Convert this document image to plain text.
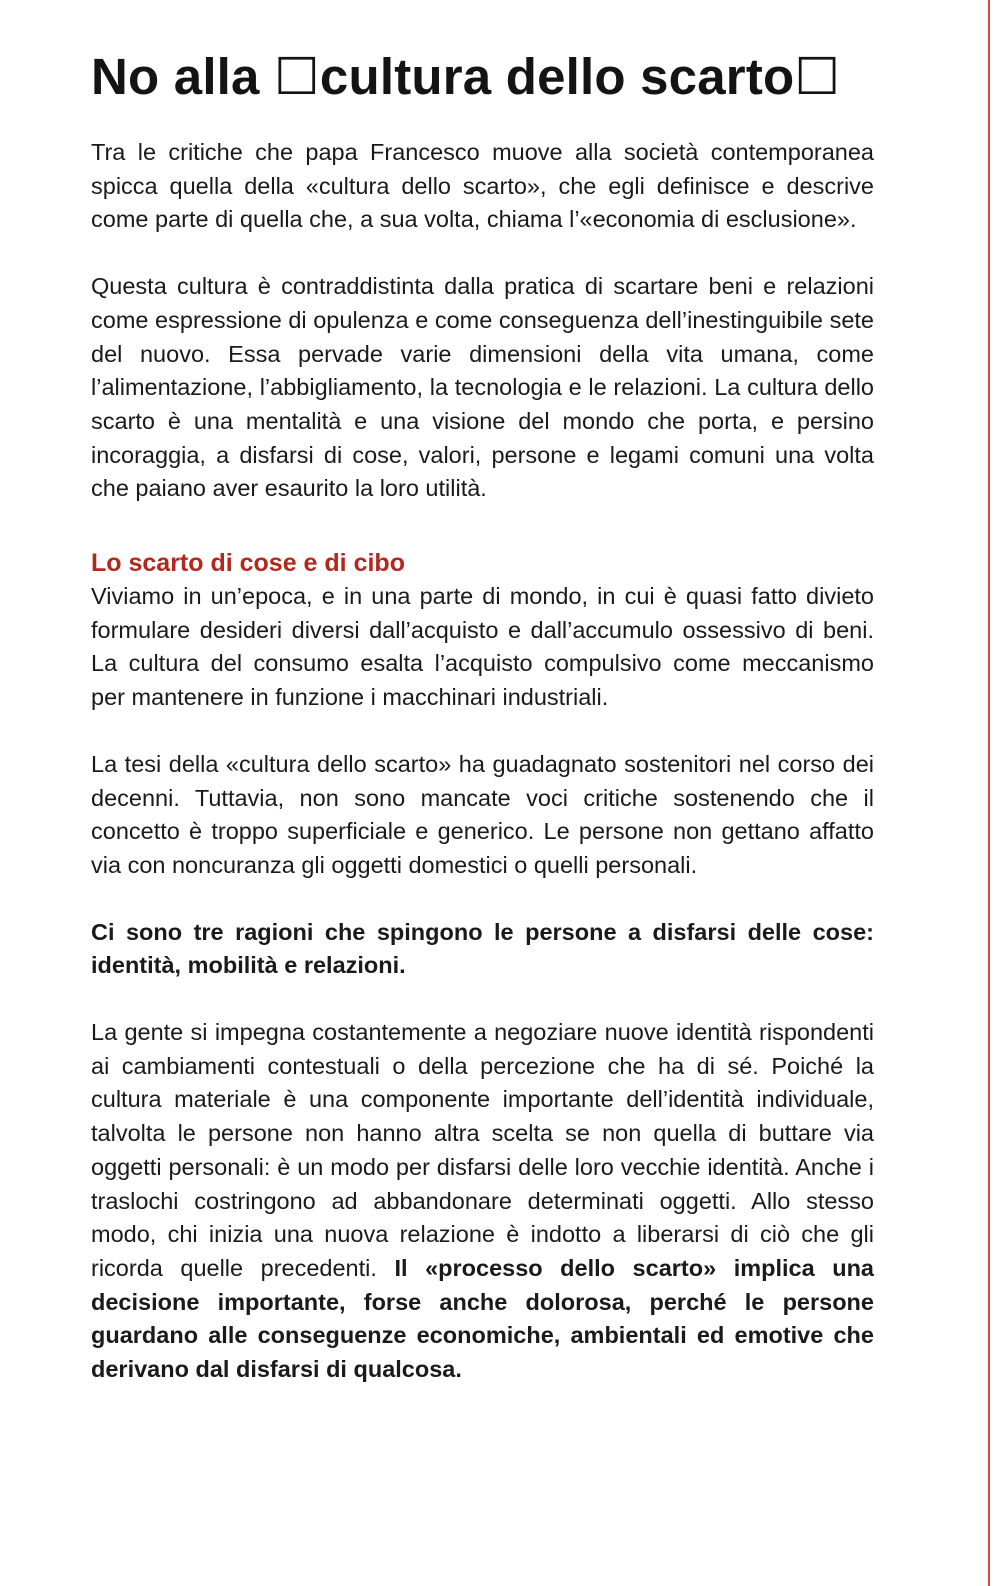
No alla ☐cultura dello scarto☐

Tra le critiche che papa Francesco muove alla società contemporanea spicca quella della «cultura dello scarto», che egli definisce e descrive come parte di quella che, a sua volta, chiama l’«economia di esclusione».

Questa cultura è contraddistinta dalla pratica di scartare beni e relazioni come espressione di opulenza e come conseguenza dell’inestinguibile sete del nuovo. Essa pervade varie dimensioni della vita umana, come l’alimentazione, l’abbigliamento, la tecnologia e le relazioni. La cultura dello scarto è una mentalità e una visione del mondo che porta, e persino incoraggia, a disfarsi di cose, valori, persone e legami comuni una volta che paiano aver esaurito la loro utilità.

Lo scarto di cose e di cibo

Viviamo in un’epoca, e in una parte di mondo, in cui è quasi fatto divieto formulare desideri diversi dall’acquisto e dall’accumulo ossessivo di beni. La cultura del consumo esalta l’acquisto compulsivo come meccanismo per mantenere in funzione i macchinari industriali.

La tesi della «cultura dello scarto» ha guadagnato sostenitori nel corso dei decenni. Tuttavia, non sono mancate voci critiche sostenendo che il concetto è troppo superficiale e generico. Le persone non gettano affatto via con noncuranza gli oggetti domestici o quelli personali.

Ci sono tre ragioni che spingono le persone a disfarsi delle cose: identità, mobilità e relazioni.

La gente si impegna costantemente a negoziare nuove identità rispondenti ai cambiamenti contestuali o della percezione che ha di sé. Poiché la cultura materiale è una componente importante dell’identità individuale, talvolta le persone non hanno altra scelta se non quella di buttare via oggetti personali: è un modo per disfarsi delle loro vecchie identità. Anche i traslochi costringono ad abbandonare determinati oggetti. Allo stesso modo, chi inizia una nuova relazione è indotto a liberarsi di ciò che gli ricorda quelle precedenti. Il «processo dello scarto» implica una decisione importante, forse anche dolorosa, perché le persone guardano alle conseguenze economiche, ambientali ed emotive che derivano dal disfarsi di qualcosa.
